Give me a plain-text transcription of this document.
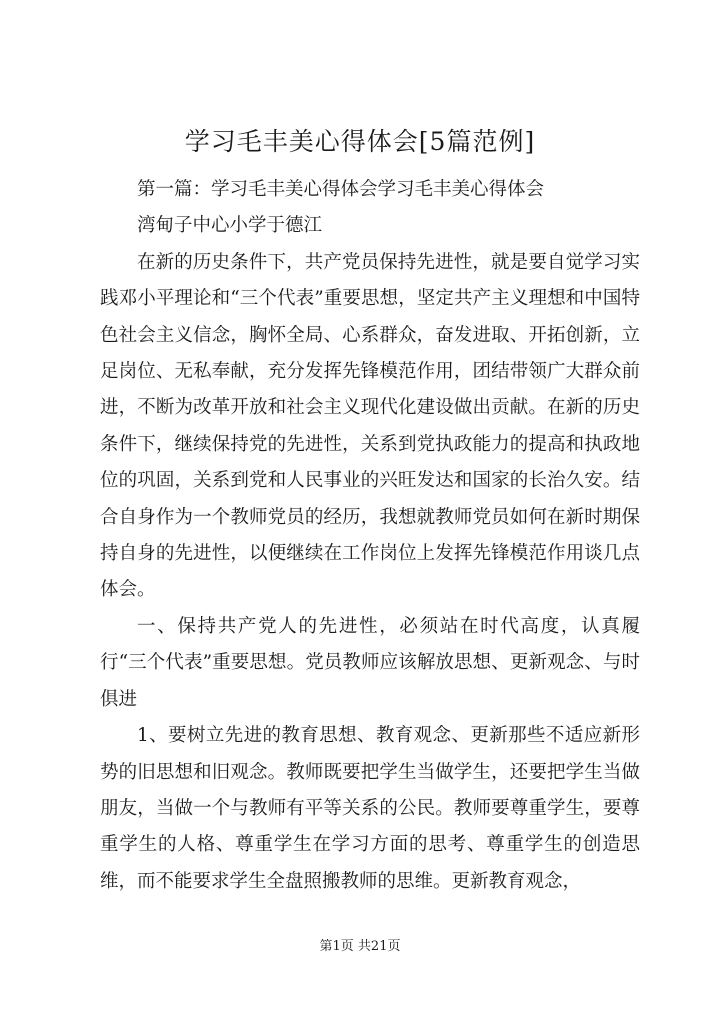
学习毛丰美心得体会[5篇范例]

第一篇：学习毛丰美心得体会学习毛丰美心得体会

湾甸子中心小学于德江

在新的历史条件下，共产党员保持先进性，就是要自觉学习实践邓小平理论和“三个代表”重要思想，坚定共产主义理想和中国特色社会主义信念，胸怀全局、心系群众，奋发进取、开拓创新，立足岗位、无私奉献，充分发挥先锋模范作用，团结带领广大群众前进，不断为改革开放和社会主义现代化建设做出贡献。在新的历史条件下，继续保持党的先进性，关系到党执政能力的提高和执政地位的巩固，关系到党和人民事业的兴旺发达和国家的长治久安。结合自身作为一个教师党员的经历，我想就教师党员如何在新时期保持自身的先进性，以便继续在工作岗位上发挥先锋模范作用谈几点体会。

一、保持共产党人的先进性，必须站在时代高度，认真履行“三个代表”重要思想。党员教师应该解放思想、更新观念、与时俱进

1、要树立先进的教育思想、教育观念、更新那些不适应新形势的旧思想和旧观念。教师既要把学生当做学生，还要把学生当做朋友，当做一个与教师有平等关系的公民。教师要尊重学生，要尊重学生的人格、尊重学生在学习方面的思考、尊重学生的创造思维，而不能要求学生全盘照搬教师的思维。更新教育观念，

第1页 共21页
